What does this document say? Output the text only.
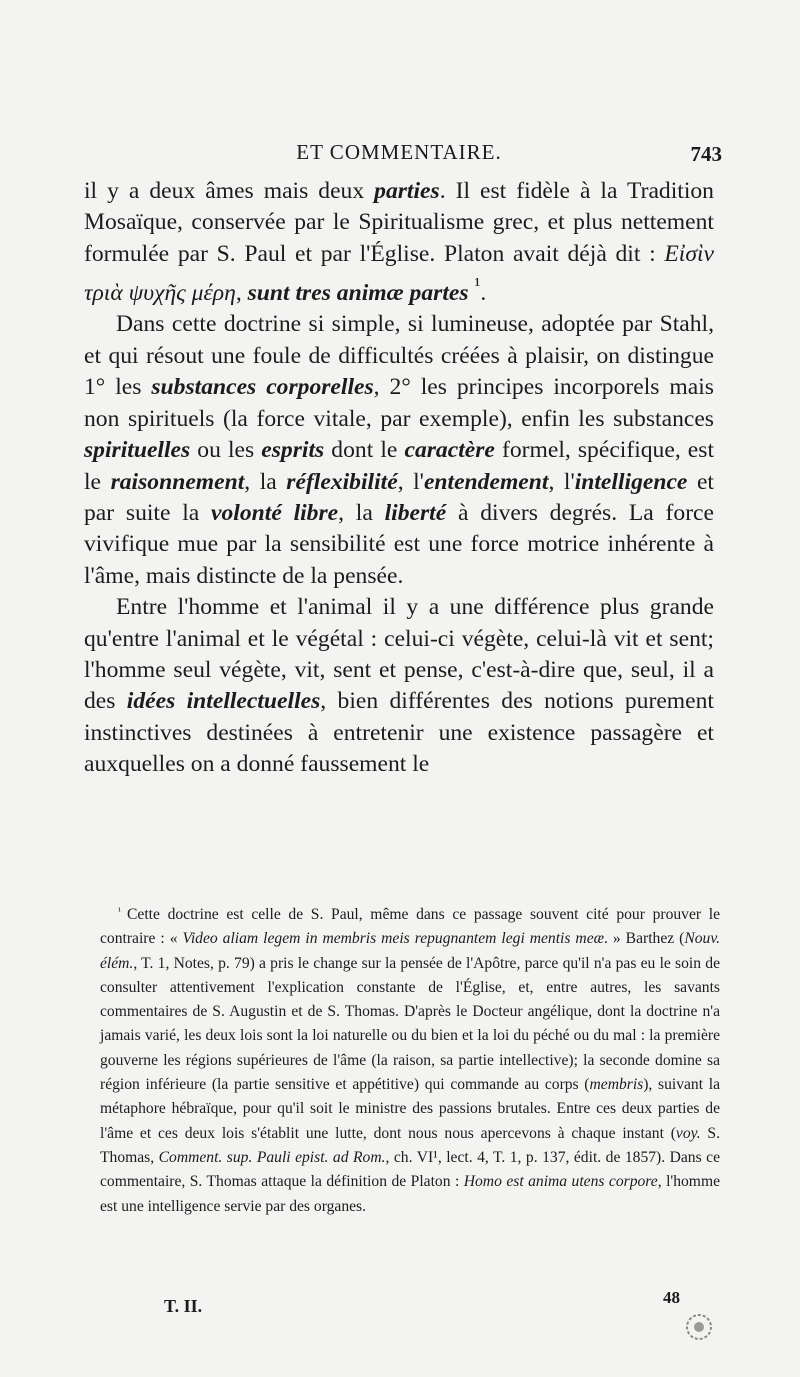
ET COMMENTAIRE.	743

il y a deux âmes mais deux parties. Il est fidèle à la Tradition Mosaïque, conservée par le Spiritualisme grec, et plus nettement formulée par S. Paul et par l'Église. Platon avait déjà dit : Εἰσὶν τριὰ ψυχῆς μέρη, sunt tres animæ partes $^{^1}$.

Dans cette doctrine si simple, si lumineuse, adoptée par Stahl, et qui résout une foule de difficultés créées à plaisir, on distingue 1° les substances corporelles, 2° les principes incorporels mais non spirituels (la force vitale, par exemple), enfin les substances spirituelles ou les esprits dont le caractère formel, spécifique, est le raisonnement, la réflexibilité, l'entendement, l'intelligence et par suite la volonté libre, la liberté à divers degrés. La force vivifique mue par la sensibilité est une force motrice inhérente à l'âme, mais distincte de la pensée.

Entre l'homme et l'animal il y a une différence plus grande qu'entre l'animal et le végétal : celui-ci végète, celui-là vit et sent; l'homme seul végète, vit, sent et pense, c'est-à-dire que, seul, il a des idées intellectuelles, bien différentes des notions purement instinctives destinées à entretenir une existence passagère et auxquelles on a donné faussement le

$^{^1}$ Cette doctrine est celle de S. Paul, même dans ce passage souvent cité pour prouver le contraire : « Video aliam legem in membris meis repugnantem legi mentis meæ. » Barthez (Nouv. élém., T. 1, Notes, p. 79) a pris le change sur la pensée de l'Apôtre, parce qu'il n'a pas eu le soin de consulter attentivement l'explication constante de l'Église, et, entre autres, les savants commentaires de S. Augustin et de S. Thomas. D'après le Docteur angélique, dont la doctrine n'a jamais varié, les deux lois sont la loi naturelle ou du bien et la loi du péché ou du mal : la première gouverne les régions supérieures de l'âme (la raison, sa partie intellective); la seconde domine sa région inférieure (la partie sensitive et appétitive) qui commande au corps (membris), suivant la métaphore hébraïque, pour qu'il soit le ministre des passions brutales. Entre ces deux parties de l'âme et ces deux lois s'établit une lutte, dont nous nous apercevons à chaque instant (voy. S. Thomas, Comment. sup. Pauli epist. ad Rom., ch. VI¹, lect. 4, T. 1, p. 137, édit. de 1857). Dans ce commentaire, S. Thomas attaque la définition de Platon : Homo est anima utens corpore, l'homme est une intelligence servie par des organes.

T. II.	48
